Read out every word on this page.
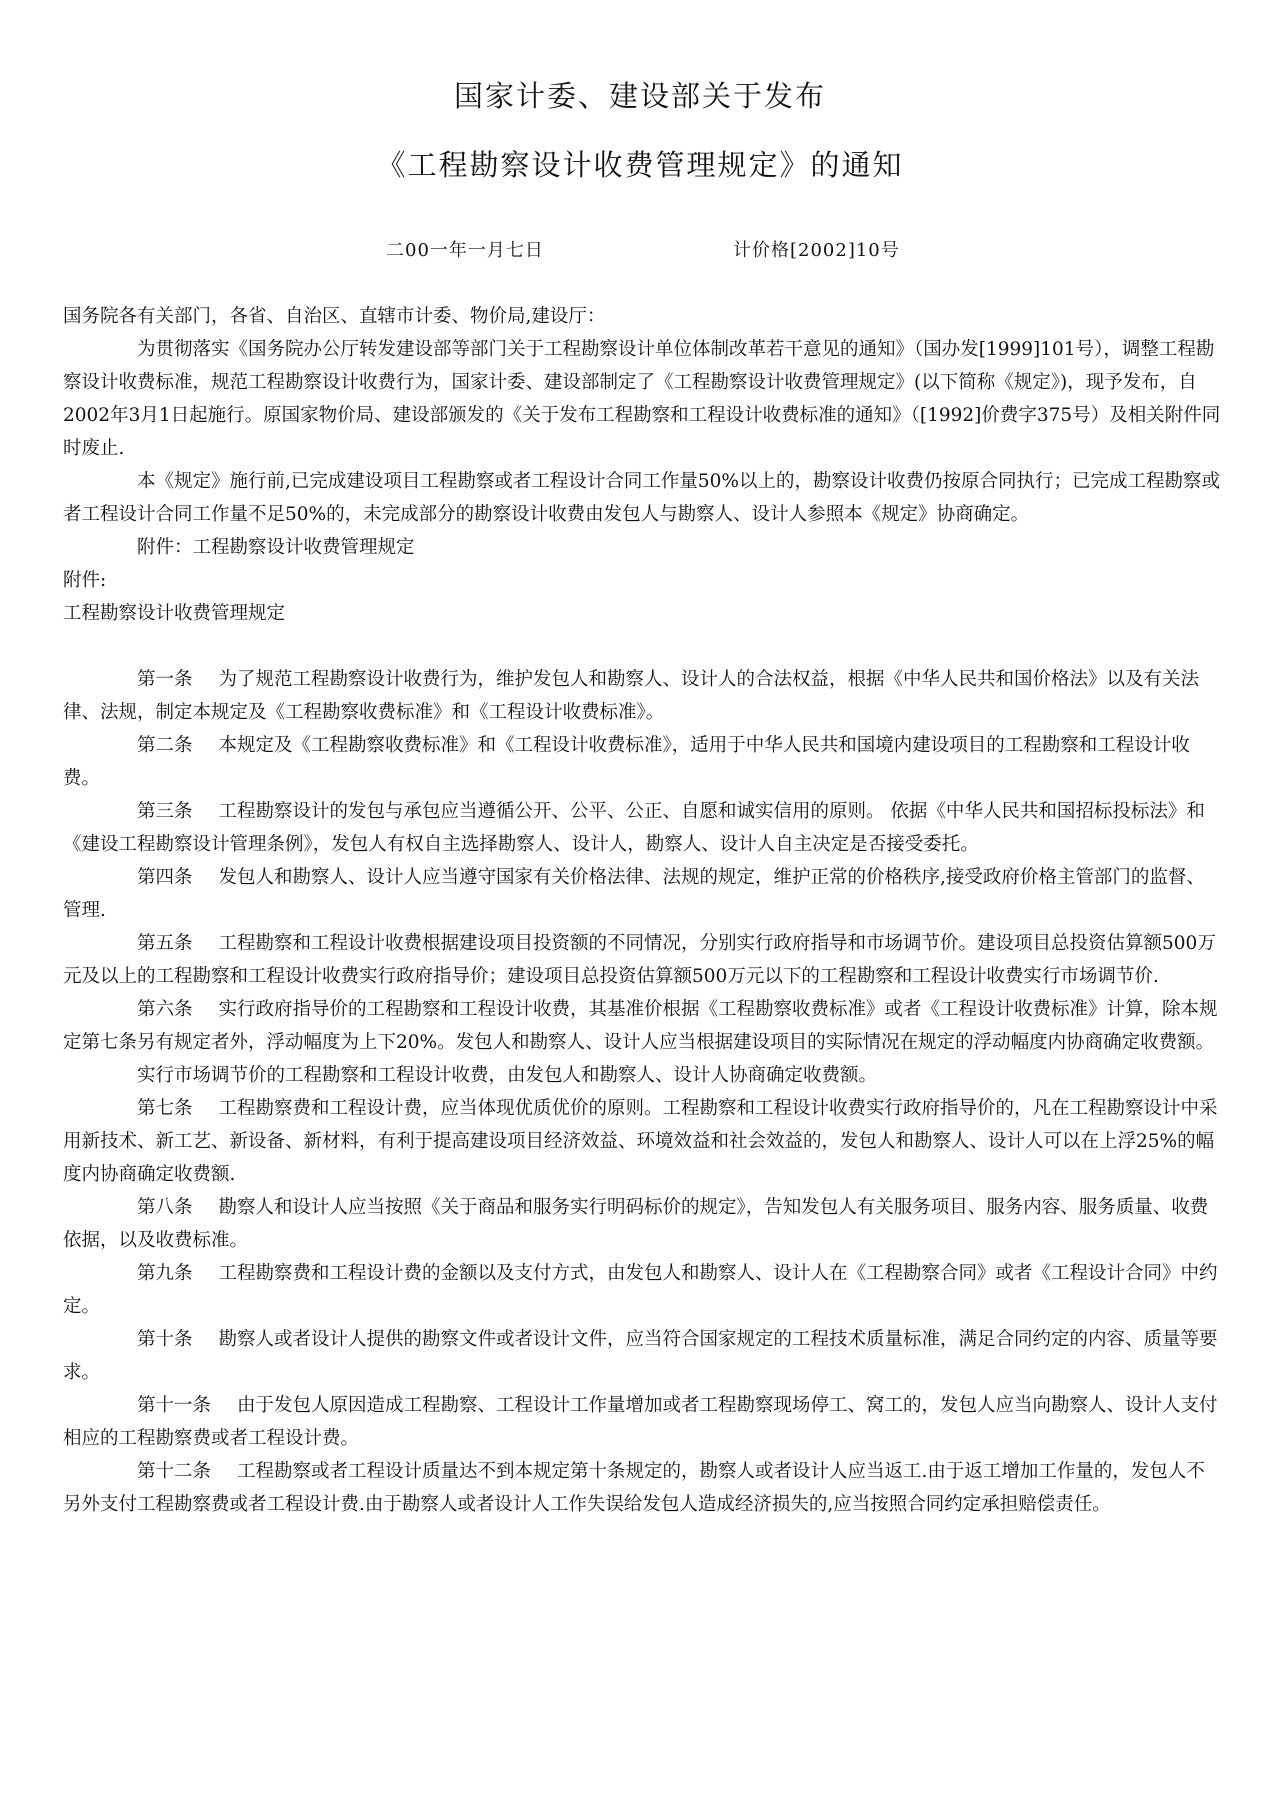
国家计委、建设部关于发布
《工程勘察设计收费管理规定》的通知
二00一年一月七日	计价格[2002]10号

国务院各有关部门，各省、自治区、直辖市计委、物价局,建设厅：

为贯彻落实《国务院办公厅转发建设部等部门关于工程勘察设计单位体制改革若干意见的通知》（国办发[1999]101号），调整工程勘察设计收费标准，规范工程勘察设计收费行为，国家计委、建设部制定了《工程勘察设计收费管理规定》(以下简称《规定》)，现予发布，自2002年3月1日起施行。原国家物价局、建设部颁发的《关于发布工程勘察和工程设计收费标准的通知》（[1992]价费字375号）及相关附件同时废止.

本《规定》施行前,已完成建设项目工程勘察或者工程设计合同工作量50%以上的，勘察设计收费仍按原合同执行；已完成工程勘察或者工程设计合同工作量不足50%的，未完成部分的勘察设计收费由发包人与勘察人、设计人参照本《规定》协商确定。

附件：工程勘察设计收费管理规定

附件:

工程勘察设计收费管理规定

第一条 为了规范工程勘察设计收费行为，维护发包人和勘察人、设计人的合法权益，根据《中华人民共和国价格法》以及有关法律、法规，制定本规定及《工程勘察收费标准》和《工程设计收费标准》。

第二条 本规定及《工程勘察收费标准》和《工程设计收费标准》，适用于中华人民共和国境内建设项目的工程勘察和工程设计收费。

第三条 工程勘察设计的发包与承包应当遵循公开、公平、公正、自愿和诚实信用的原则。 依据《中华人民共和国招标投标法》和《建设工程勘察设计管理条例》，发包人有权自主选择勘察人、设计人，勘察人、设计人自主决定是否接受委托。

第四条 发包人和勘察人、设计人应当遵守国家有关价格法律、法规的规定，维护正常的价格秩序,接受政府价格主管部门的监督、管理.

第五条 工程勘察和工程设计收费根据建设项目投资额的不同情况，分别实行政府指导和市场调节价。建设项目总投资估算额500万元及以上的工程勘察和工程设计收费实行政府指导价；建设项目总投资估算额500万元以下的工程勘察和工程设计收费实行市场调节价.

第六条 实行政府指导价的工程勘察和工程设计收费，其基准价根据《工程勘察收费标准》或者《工程设计收费标准》计算，除本规定第七条另有规定者外，浮动幅度为上下20%。发包人和勘察人、设计人应当根据建设项目的实际情况在规定的浮动幅度内协商确定收费额。

实行市场调节价的工程勘察和工程设计收费，由发包人和勘察人、设计人协商确定收费额。

第七条 工程勘察费和工程设计费，应当体现优质优价的原则。工程勘察和工程设计收费实行政府指导价的，凡在工程勘察设计中采用新技术、新工艺、新设备、新材料，有利于提高建设项目经济效益、环境效益和社会效益的，发包人和勘察人、设计人可以在上浮25%的幅度内协商确定收费额.

第八条 勘察人和设计人应当按照《关于商品和服务实行明码标价的规定》，告知发包人有关服务项目、服务内容、服务质量、收费依据，以及收费标准。

第九条 工程勘察费和工程设计费的金额以及支付方式，由发包人和勘察人、设计人在《工程勘察合同》或者《工程设计合同》中约定。

第十条 勘察人或者设计人提供的勘察文件或者设计文件，应当符合国家规定的工程技术质量标准，满足合同约定的内容、质量等要求。

第十一条 由于发包人原因造成工程勘察、工程设计工作量增加或者工程勘察现场停工、窝工的，发包人应当向勘察人、设计人支付相应的工程勘察费或者工程设计费。

第十二条 工程勘察或者工程设计质量达不到本规定第十条规定的，勘察人或者设计人应当返工.由于返工增加工作量的，发包人不另外支付工程勘察费或者工程设计费.由于勘察人或者设计人工作失误给发包人造成经济损失的,应当按照合同约定承担赔偿责任。
